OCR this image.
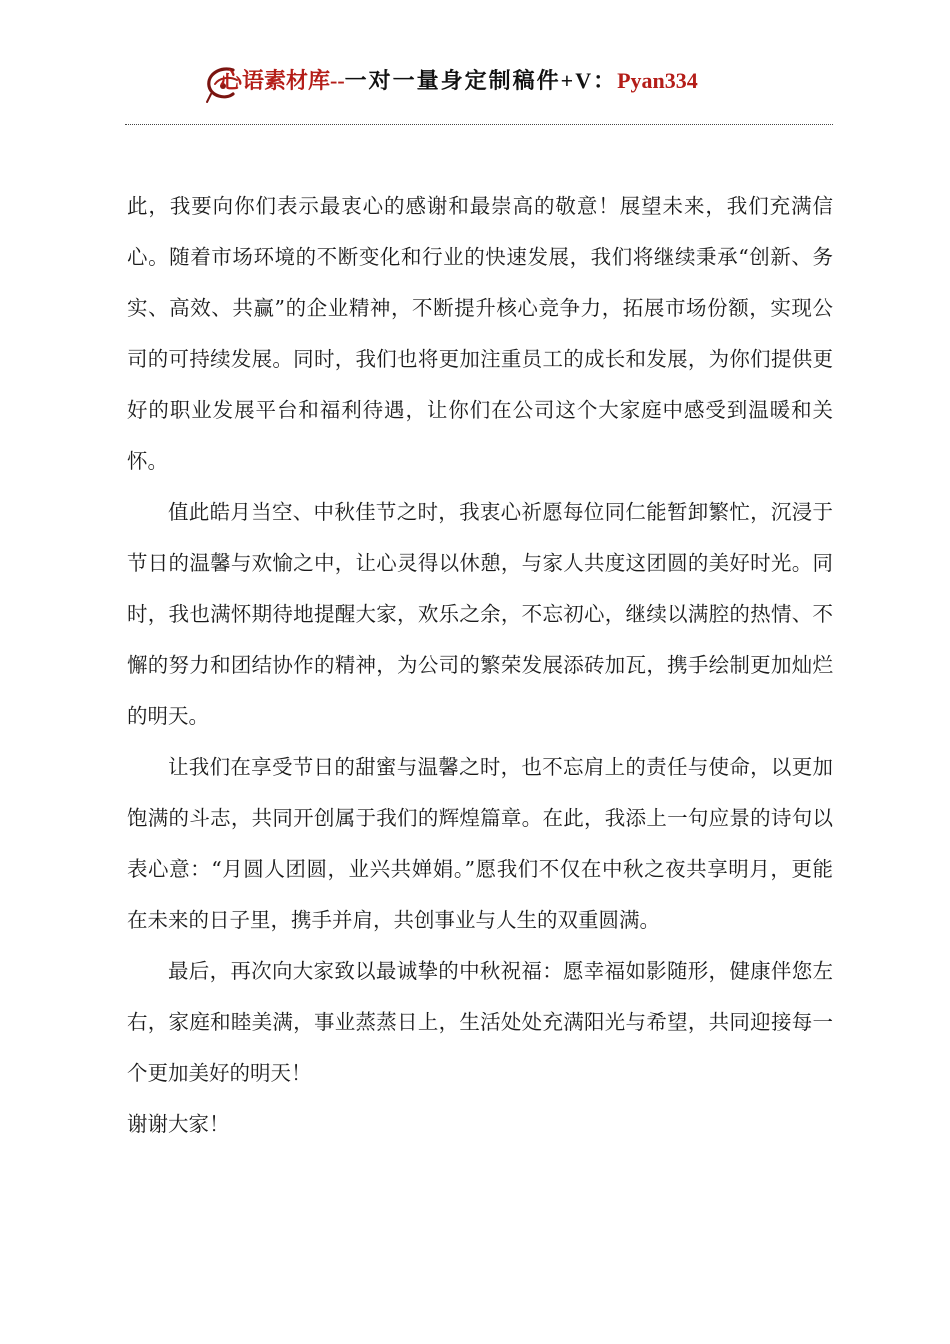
心语素材库--一对一量身定制稿件+V：Pyan334

此，我要向你们表示最衷心的感谢和最崇高的敬意！展望未来，我们充满信心。随着市场环境的不断变化和行业的快速发展，我们将继续秉承“创新、务实、高效、共赢”的企业精神，不断提升核心竞争力，拓展市场份额，实现公司的可持续发展。同时，我们也将更加注重员工的成长和发展，为你们提供更好的职业发展平台和福利待遇，让你们在公司这个大家庭中感受到温暖和关怀。

值此皓月当空、中秋佳节之时，我衷心祈愿每位同仁能暂卸繁忙，沉浸于节日的温馨与欢愉之中，让心灵得以休憩，与家人共度这团圆的美好时光。同时，我也满怀期待地提醒大家，欢乐之余，不忘初心，继续以满腔的热情、不懈的努力和团结协作的精神，为公司的繁荣发展添砖加瓦，携手绘制更加灿烂的明天。

让我们在享受节日的甜蜜与温馨之时，也不忘肩上的责任与使命，以更加饱满的斗志，共同开创属于我们的辉煌篇章。在此，我添上一句应景的诗句以表心意：“月圆人团圆，业兴共婵娟。”愿我们不仅在中秋之夜共享明月，更能在未来的日子里，携手并肩，共创事业与人生的双重圆满。

最后，再次向大家致以最诚挚的中秋祝福：愿幸福如影随形，健康伴您左右，家庭和睦美满，事业蒸蒸日上，生活处处充满阳光与希望，共同迎接每一个更加美好的明天！

谢谢大家！
